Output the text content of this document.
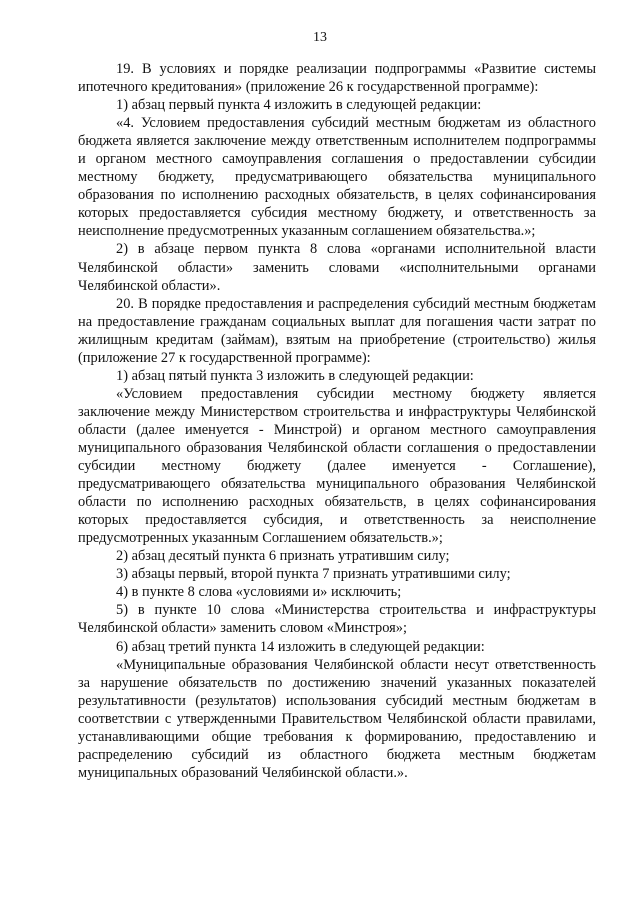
13

19. В условиях и порядке реализации подпрограммы «Развитие системы ипотечного кредитования» (приложение 26 к государственной программе):

1) абзац первый пункта 4 изложить в следующей редакции:

«4. Условием предоставления субсидий местным бюджетам из областного бюджета является заключение между ответственным исполнителем подпрограммы и органом местного самоуправления соглашения о предоставлении субсидии местному бюджету, предусматривающего обязательства муниципального образования по исполнению расходных обязательств, в целях софинансирования которых предоставляется субсидия местному бюджету, и ответственность за неисполнение предусмотренных указанным соглашением обязательства.»;

2) в абзаце первом пункта 8 слова «органами исполнительной власти Челябинской области» заменить словами «исполнительными органами Челябинской области».

20. В порядке предоставления и распределения субсидий местным бюджетам на предоставление гражданам социальных выплат для погашения части затрат по жилищным кредитам (займам), взятым на приобретение (строительство) жилья (приложение 27 к государственной программе):

1) абзац пятый пункта 3 изложить в следующей редакции:

«Условием предоставления субсидии местному бюджету является заключение между Министерством строительства и инфраструктуры Челябинской области (далее именуется - Минстрой) и органом местного самоуправления муниципального образования Челябинской области соглашения о предоставлении субсидии местному бюджету (далее именуется - Соглашение), предусматривающего обязательства муниципального образования Челябинской области по исполнению расходных обязательств, в целях софинансирования которых предоставляется субсидия, и ответственность за неисполнение предусмотренных указанным Соглашением обязательств.»;

2) абзац десятый пункта 6 признать утратившим силу;

3) абзацы первый, второй пункта 7 признать утратившими силу;

4) в пункте 8 слова «условиями и» исключить;

5) в пункте 10 слова «Министерства строительства и инфраструктуры Челябинской области» заменить словом «Минстроя»;

6) абзац третий пункта 14 изложить в следующей редакции:

«Муниципальные образования Челябинской области несут ответственность за нарушение обязательств по достижению значений указанных показателей результативности (результатов) использования субсидий местным бюджетам в соответствии с утвержденными Правительством Челябинской области правилами, устанавливающими общие требования к формированию, предоставлению и распределению субсидий из областного бюджета местным бюджетам муниципальных образований Челябинской области.».
